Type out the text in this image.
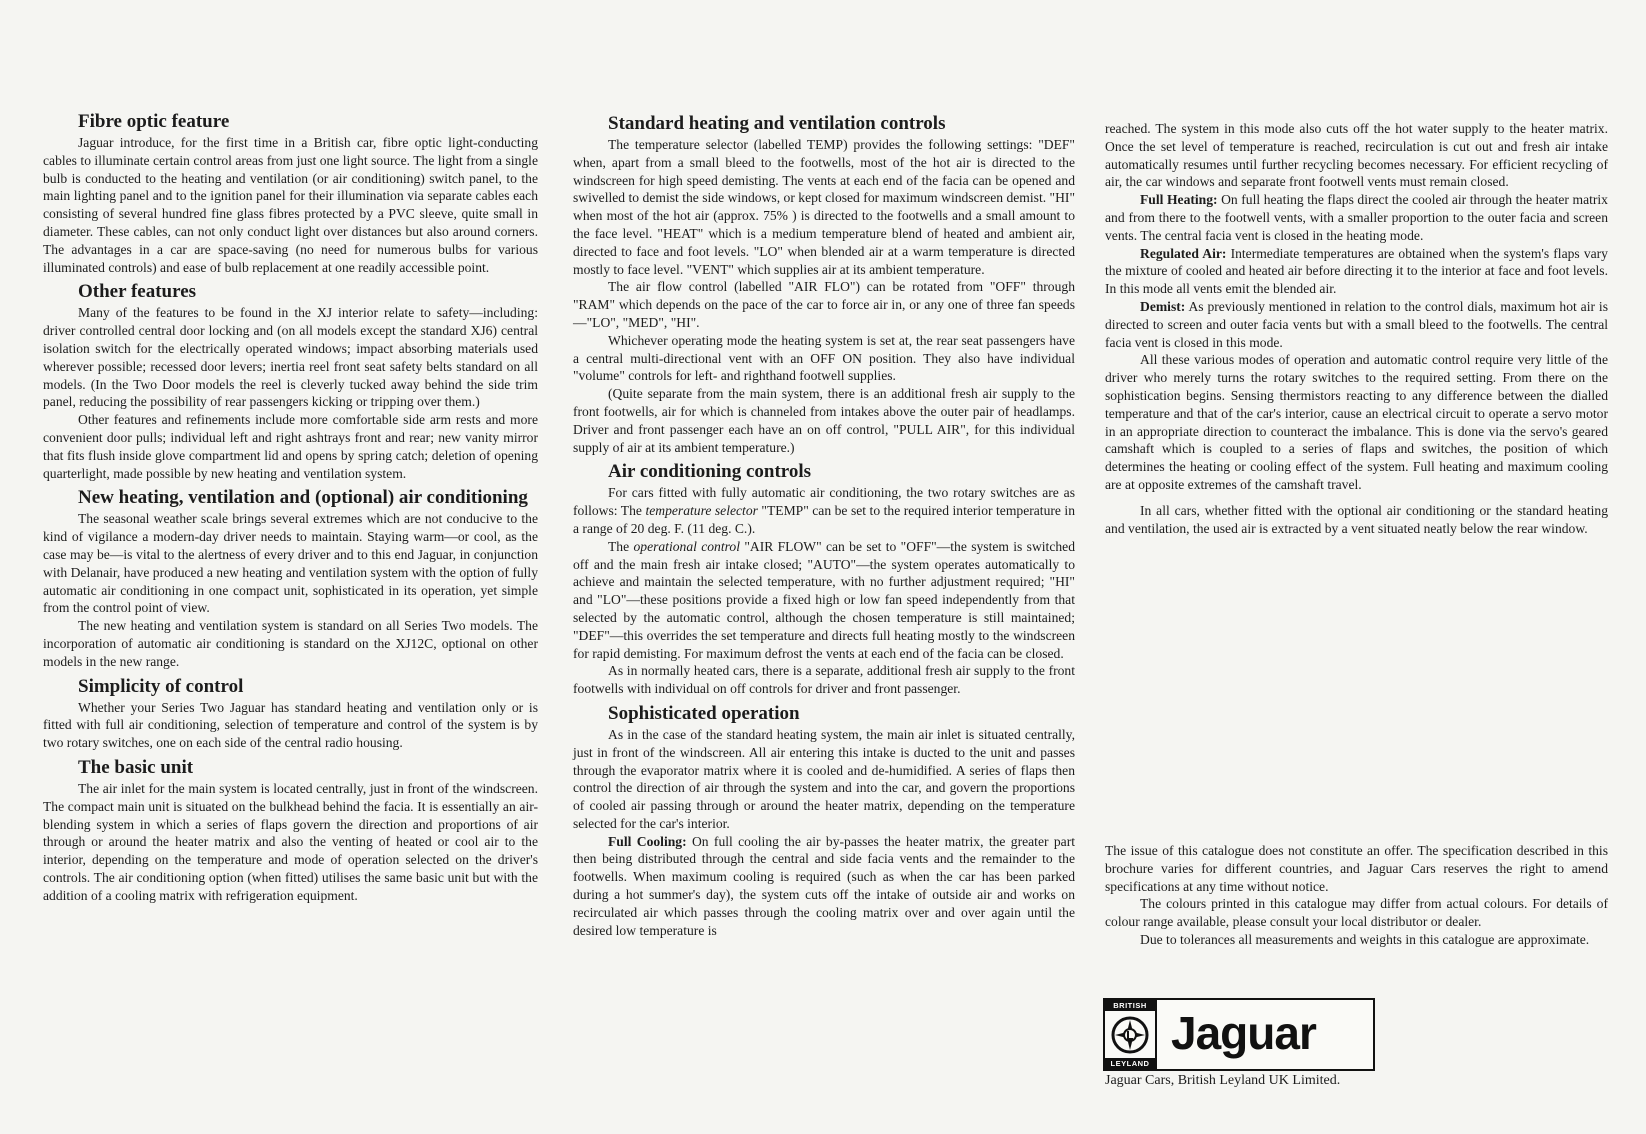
Fibre optic feature

Jaguar introduce, for the first time in a British car, fibre optic light-conducting cables to illuminate certain control areas from just one light source. The light from a single bulb is conducted to the heating and ventilation (or air conditioning) switch panel, to the main lighting panel and to the ignition panel for their illumination via separate cables each consisting of several hundred fine glass fibres protected by a PVC sleeve, quite small in diameter. These cables, can not only conduct light over distances but also around corners. The advantages in a car are space-saving (no need for numerous bulbs for various illuminated controls) and ease of bulb replacement at one readily accessible point.

Other features

Many of the features to be found in the XJ interior relate to safety—including: driver controlled central door locking and (on all models except the standard XJ6) central isolation switch for the electrically operated windows; impact absorbing materials used wherever possible; recessed door levers; inertia reel front seat safety belts standard on all models. (In the Two Door models the reel is cleverly tucked away behind the side trim panel, reducing the possibility of rear passengers kicking or tripping over them.)

Other features and refinements include more comfortable side arm rests and more convenient door pulls; individual left and right ashtrays front and rear; new vanity mirror that fits flush inside glove compartment lid and opens by spring catch; deletion of opening quarterlight, made possible by new heating and ventilation system.

New heating, ventilation and (optional) air conditioning

The seasonal weather scale brings several extremes which are not conducive to the kind of vigilance a modern-day driver needs to maintain. Staying warm—or cool, as the case may be—is vital to the alertness of every driver and to this end Jaguar, in conjunction with Delanair, have produced a new heating and ventilation system with the option of fully automatic air conditioning in one compact unit, sophisticated in its operation, yet simple from the control point of view.

The new heating and ventilation system is standard on all Series Two models. The incorporation of automatic air conditioning is standard on the XJ12C, optional on other models in the new range.

Simplicity of control

Whether your Series Two Jaguar has standard heating and ventilation only or is fitted with full air conditioning, selection of temperature and control of the system is by two rotary switches, one on each side of the central radio housing.

The basic unit

The air inlet for the main system is located centrally, just in front of the windscreen. The compact main unit is situated on the bulkhead behind the facia. It is essentially an air-blending system in which a series of flaps govern the direction and proportions of air through or around the heater matrix and also the venting of heated or cool air to the interior, depending on the temperature and mode of operation selected on the driver's controls. The air conditioning option (when fitted) utilises the same basic unit but with the addition of a cooling matrix with refrigeration equipment.

Standard heating and ventilation controls

The temperature selector (labelled TEMP) provides the following settings: "DEF" when, apart from a small bleed to the footwells, most of the hot air is directed to the windscreen for high speed demisting. The vents at each end of the facia can be opened and swivelled to demist the side windows, or kept closed for maximum windscreen demist. "HI" when most of the hot air (approx. 75% ) is directed to the footwells and a small amount to the face level. "HEAT" which is a medium temperature blend of heated and ambient air, directed to face and foot levels. "LO" when blended air at a warm temperature is directed mostly to face level. "VENT" which supplies air at its ambient temperature.

The air flow control (labelled "AIR FLO") can be rotated from "OFF" through "RAM" which depends on the pace of the car to force air in, or any one of three fan speeds—"LO", "MED", "HI".

Whichever operating mode the heating system is set at, the rear seat passengers have a central multi-directional vent with an OFF ON position. They also have individual "volume" controls for left- and righthand footwell supplies.

(Quite separate from the main system, there is an additional fresh air supply to the front footwells, air for which is channeled from intakes above the outer pair of headlamps. Driver and front passenger each have an on off control, "PULL AIR", for this individual supply of air at its ambient temperature.)

Air conditioning controls

For cars fitted with fully automatic air conditioning, the two rotary switches are as follows: The temperature selector "TEMP" can be set to the required interior temperature in a range of 20 deg. F. (11 deg. C.).

The operational control "AIR FLOW" can be set to "OFF"—the system is switched off and the main fresh air intake closed; "AUTO"—the system operates automatically to achieve and maintain the selected temperature, with no further adjustment required; "HI" and "LO"—these positions provide a fixed high or low fan speed independently from that selected by the automatic control, although the chosen temperature is still maintained; "DEF"—this overrides the set temperature and directs full heating mostly to the windscreen for rapid demisting. For maximum defrost the vents at each end of the facia can be closed.

As in normally heated cars, there is a separate, additional fresh air supply to the front footwells with individual on off controls for driver and front passenger.

Sophisticated operation

As in the case of the standard heating system, the main air inlet is situated centrally, just in front of the windscreen. All air entering this intake is ducted to the unit and passes through the evaporator matrix where it is cooled and de-humidified. A series of flaps then control the direction of air through the system and into the car, and govern the proportions of cooled air passing through or around the heater matrix, depending on the temperature selected for the car's interior.

Full Cooling: On full cooling the air by-passes the heater matrix, the greater part then being distributed through the central and side facia vents and the remainder to the footwells. When maximum cooling is required (such as when the car has been parked during a hot summer's day), the system cuts off the intake of outside air and works on recirculated air which passes through the cooling matrix over and over again until the desired low temperature is

reached. The system in this mode also cuts off the hot water supply to the heater matrix. Once the set level of temperature is reached, recirculation is cut out and fresh air intake automatically resumes until further recycling becomes necessary. For efficient recycling of air, the car windows and separate front footwell vents must remain closed.

Full Heating: On full heating the flaps direct the cooled air through the heater matrix and from there to the footwell vents, with a smaller proportion to the outer facia and screen vents. The central facia vent is closed in the heating mode.

Regulated Air: Intermediate temperatures are obtained when the system's flaps vary the mixture of cooled and heated air before directing it to the interior at face and foot levels. In this mode all vents emit the blended air.

Demist: As previously mentioned in relation to the control dials, maximum hot air is directed to screen and outer facia vents but with a small bleed to the footwells. The central facia vent is closed in this mode.

All these various modes of operation and automatic control require very little of the driver who merely turns the rotary switches to the required setting. From there on the sophistication begins. Sensing thermistors reacting to any difference between the dialled temperature and that of the car's interior, cause an electrical circuit to operate a servo motor in an appropriate direction to counteract the imbalance. This is done via the servo's geared camshaft which is coupled to a series of flaps and switches, the position of which determines the heating or cooling effect of the system. Full heating and maximum cooling are at opposite extremes of the camshaft travel.

In all cars, whether fitted with the optional air conditioning or the standard heating and ventilation, the used air is extracted by a vent situated neatly below the rear window.

The issue of this catalogue does not constitute an offer. The specification described in this brochure varies for different countries, and Jaguar Cars reserves the right to amend specifications at any time without notice.

The colours printed in this catalogue may differ from actual colours. For details of colour range available, please consult your local distributor or dealer.

Due to tolerances all measurements and weights in this catalogue are approximate.

BRITISH
LEYLAND
Jaguar
Jaguar Cars, British Leyland UK Limited.
